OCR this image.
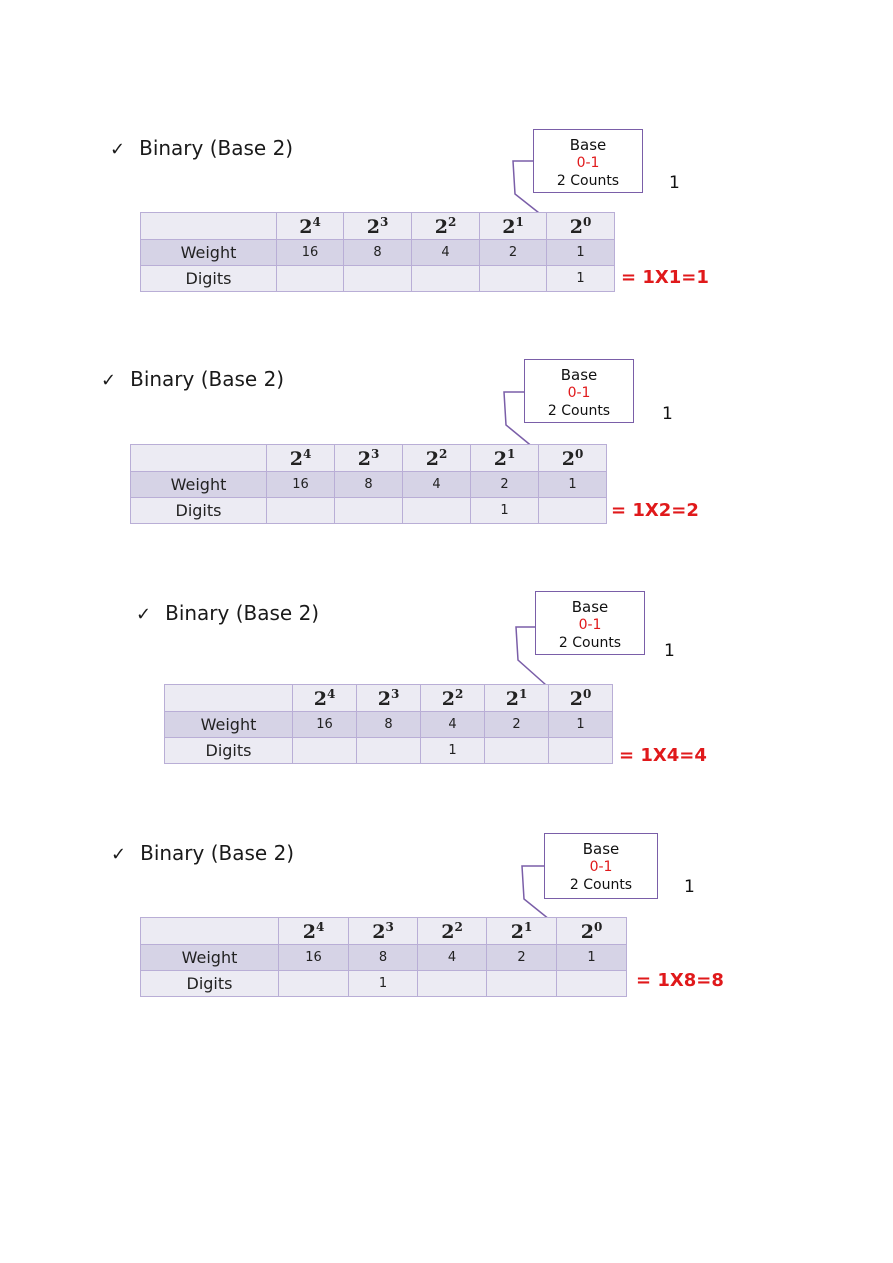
✓ Binary (Base 2)	Base
0-1
2 Counts	1
	$2^4$	$2^3$	$2^2$	$2^1$	$2^0$
Weight	16	8	4	2	1
Digits					1 = 1X1=1
✓ Binary (Base 2)	Base
0-1
2 Counts	1
	$2^4$	$2^3$	$2^2$	$2^1$	$2^0$
Weight	16	8	4	2	1
Digits				1		= 1X2=2
✓ Binary (Base 2)	Base
0-1
2 Counts	1
	$2^4$	$2^3$	$2^2$	$2^1$	$2^0$
Weight	16	8	4	2	1
Digits			1			= 1X4=4
✓ Binary (Base 2)	Base
0-1
2 Counts	1
	$2^4$	$2^3$	$2^2$	$2^1$	$2^0$
Weight	16	8	4	2	1
Digits		1				= 1X8=8
